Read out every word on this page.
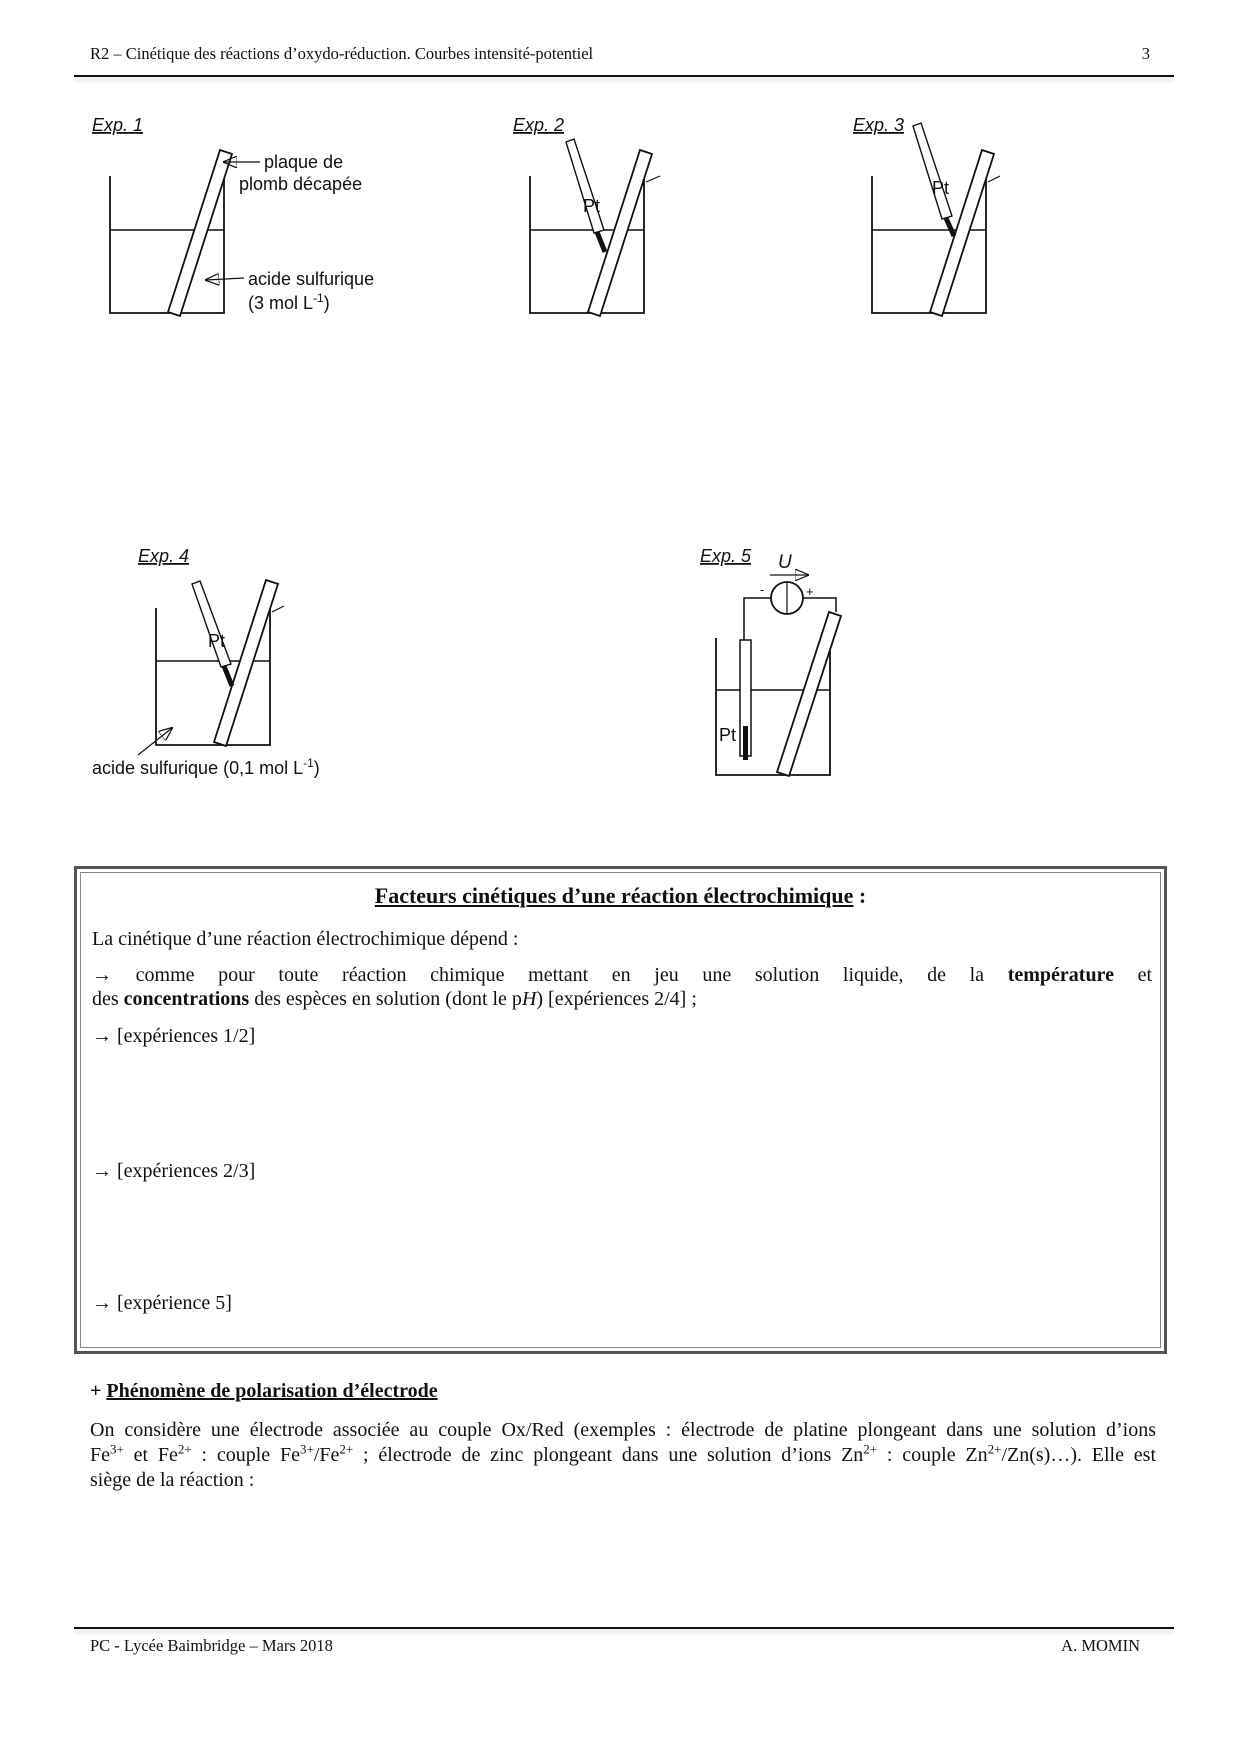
R2 – Cinétique des réactions d’oxydo-réduction. Courbes intensité-potentiel	3
Exp. 1
plaque de
plomb décapée
acide sulfurique
(3 mol $L^{-1}$)
Exp. 2
Pt
Exp. 3
Pt
Exp. 4
Pt
acide sulfurique (0,1 mol $L^{-1}$)
Exp. 5 U
-	+
Pt
Facteurs cinétiques d’une réaction électrochimique :
La cinétique d’une réaction électrochimique dépend :
→ comme pour toute réaction chimique mettant en jeu une solution liquide, de la température et
des concentrations des espèces en solution (dont le pH) [expériences 2/4] ;
→ [expériences 1/2]
→ [expériences 2/3]
→ [expérience 5]
+ Phénomène de polarisation d’électrode
On considère une électrode associée au couple Ox/Red (exemples : électrode de platine plongeant dans une solution d’ions
$Fe^{3+}$ et $Fe^{2+}$ : couple $Fe^{3+}/Fe^{2+}$ ; électrode de zinc plongeant dans une solution d’ions $Zn^{2+}$ : couple $Zn^{2+}/Zn(s)\dots$). Elle est
siège de la réaction :
PC - Lycée Baimbridge – Mars 2018	A. MOMIN
